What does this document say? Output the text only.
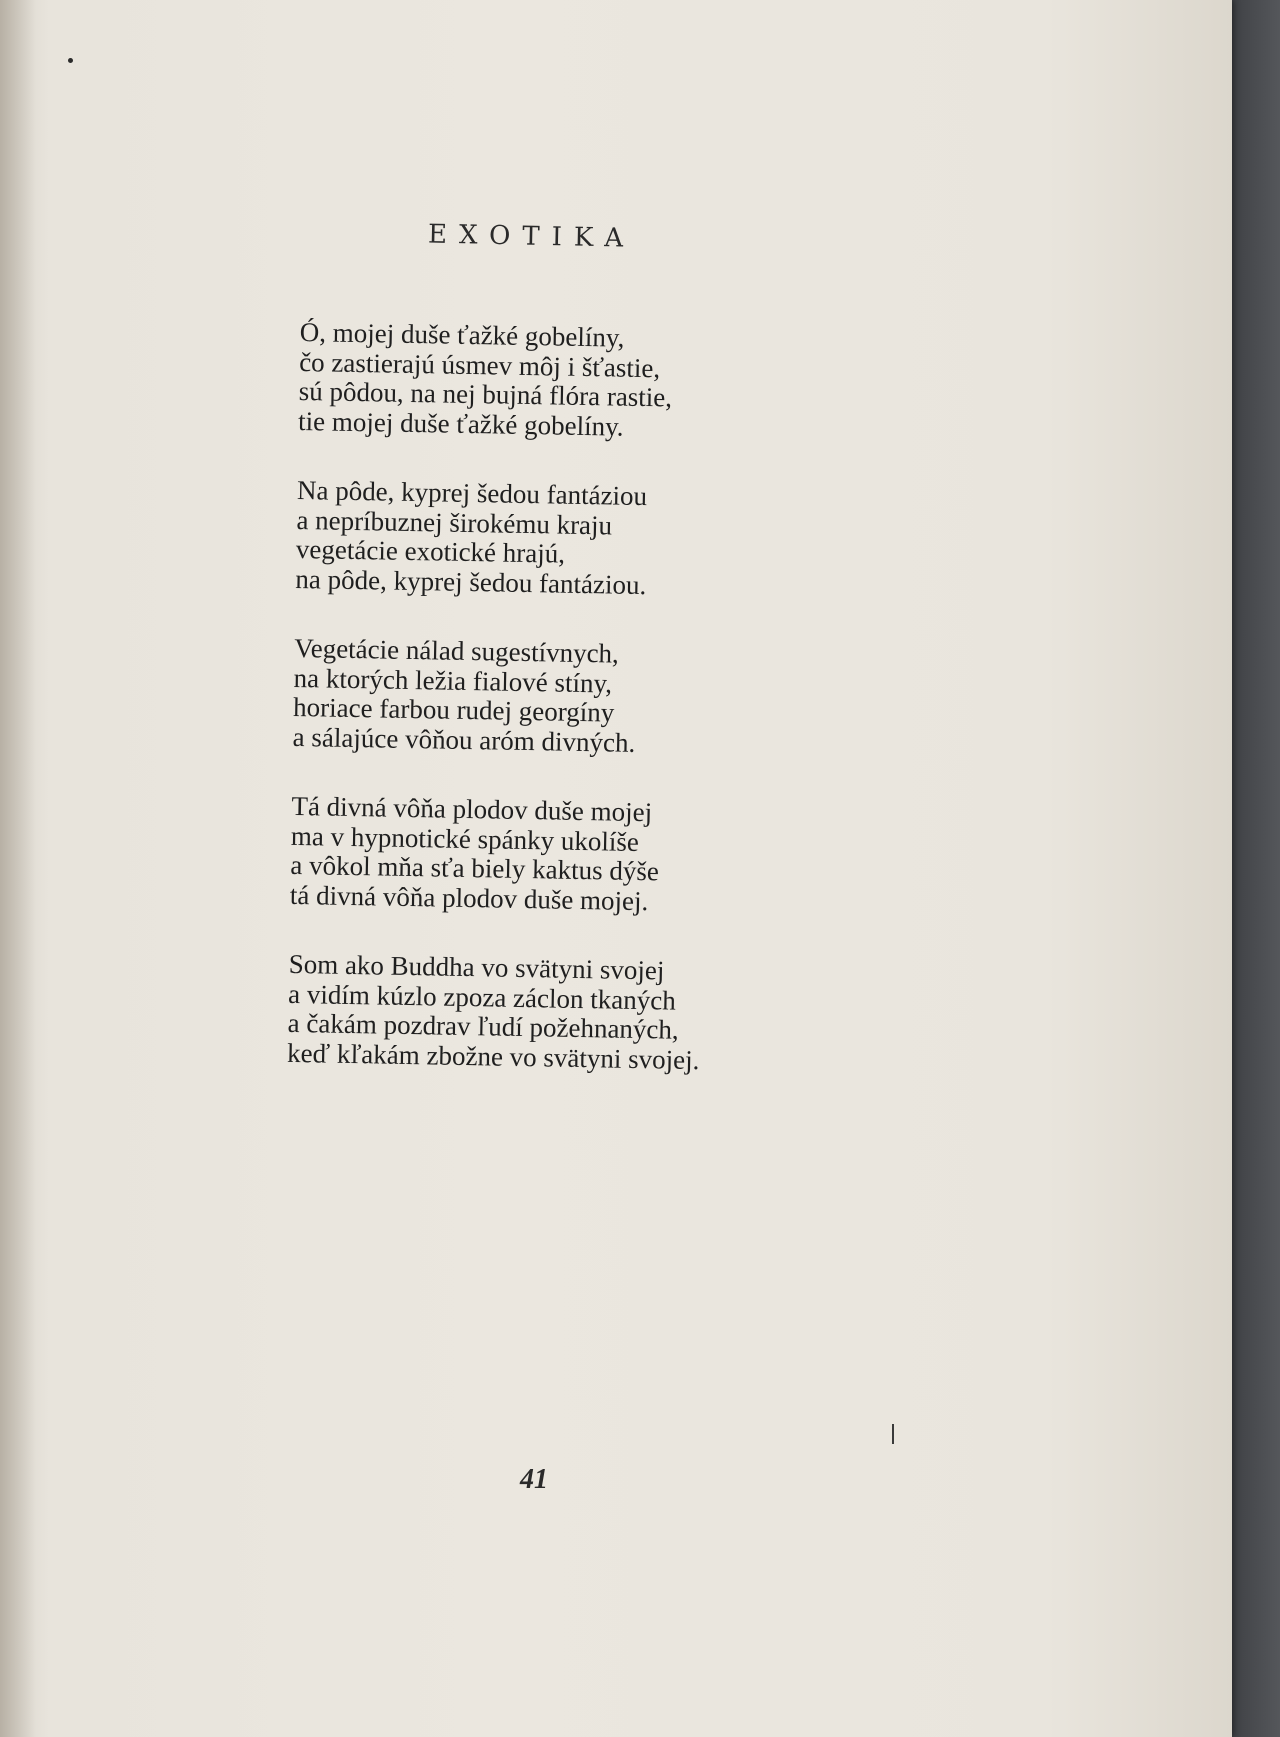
EXOTIKA
Ó, mojej duše ťažké gobelíny,
čo zastierajú úsmev môj i šťastie,
sú pôdou, na nej bujná flóra rastie,
tie mojej duše ťažké gobelíny.
Na pôde, kyprej šedou fantáziou
a nepríbuznej širokému kraju
vegetácie exotické hrajú,
na pôde, kyprej šedou fantáziou.
Vegetácie nálad sugestívnych,
na ktorých ležia fialové stíny,
horiace farbou rudej georgíny
a sálajúce vôňou aróm divných.
Tá divná vôňa plodov duše mojej
ma v hypnotické spánky ukolíše
a vôkol mňa sťa biely kaktus dýše
tá divná vôňa plodov duše mojej.
Som ako Buddha vo svätyni svojej
a vidím kúzlo zpoza záclon tkaných
a čakám pozdrav ľudí požehnaných,
keď kľakám zbožne vo svätyni svojej.
41
